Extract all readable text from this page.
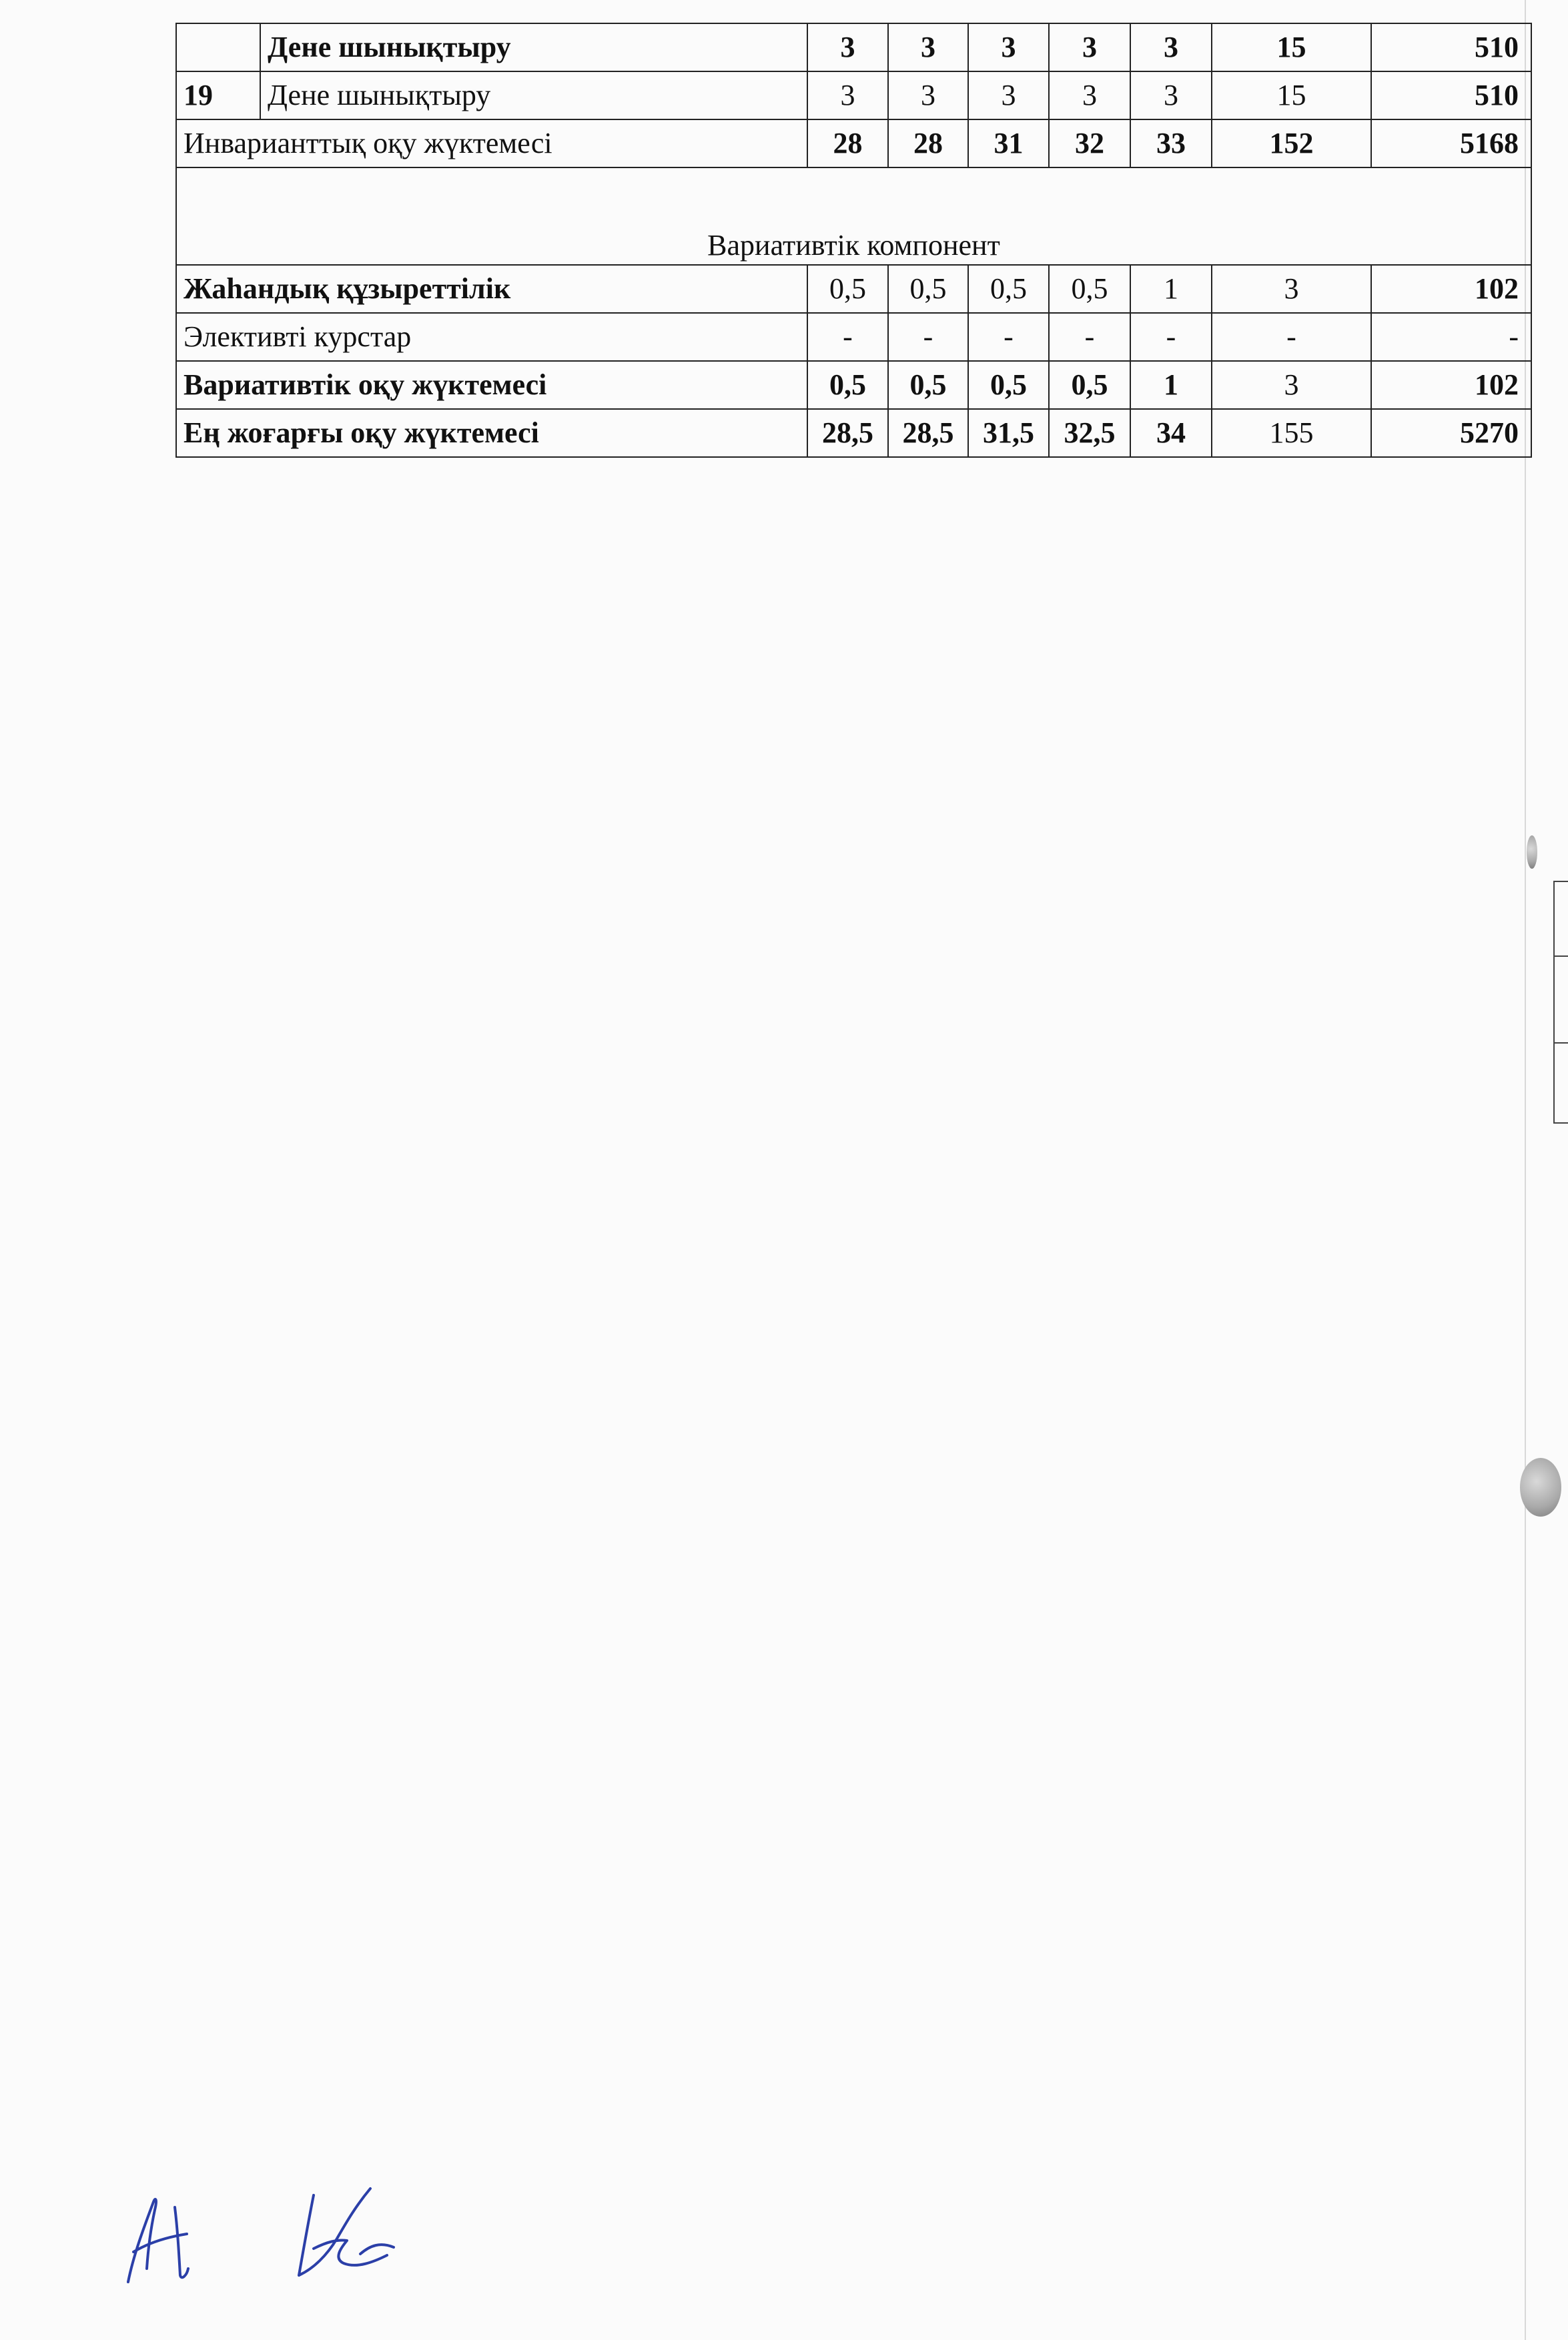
	Дене шынықтыру	3	3	3	3	3	15	510
19	Дене шынықтыру	3	3	3	3	3	15	510
Инварианттық оқу жүктемесі		28	28	31	32	33	152	5168
Вариативтік компонент								
Жаһандық құзыреттілік		0,5	0,5	0,5	0,5	1	3	102
Элективті курстар		-	-	-	-	-	-	-
Вариативтік оқу жүктемесі		0,5	0,5	0,5	0,5	1	3	102
Ең жоғарғы оқу жүктемесі		28,5	28,5	31,5	32,5	34	155	5270
